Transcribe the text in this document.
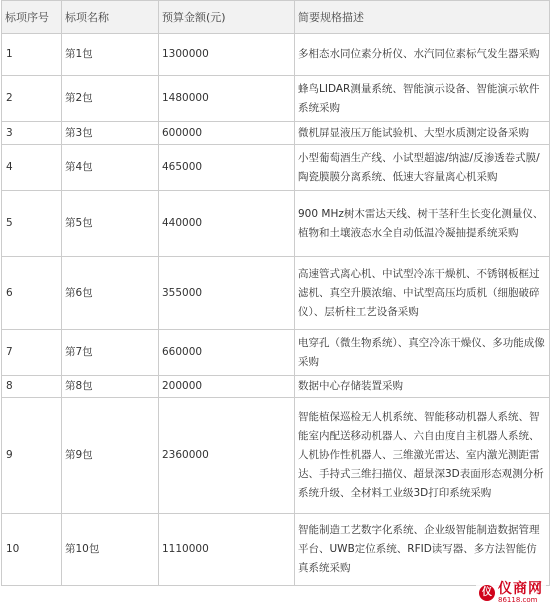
标项序号	标项名称	预算金额(元)	简要规格描述
1	第1包	1300000	多相态水同位素分析仪、水汽同位素标气发生器采购
2	第2包	1480000	蜂鸟LIDAR测量系统、智能演示设备、智能演示软件系统采购
3	第3包	600000	微机屏显液压万能试验机、大型水质测定设备采购
4	第4包	465000	小型葡萄酒生产线、小试型超滤/纳滤/反渗透卷式膜/陶瓷膜膜分离系统、低速大容量离心机采购
5	第5包	440000	900 MHz树木雷达天线、树干茎秆生长变化测量仪、植物和土壤液态水全自动低温冷凝抽提系统采购
6	第6包	355000	高速管式离心机、中试型冷冻干燥机、不锈钢板框过滤机、真空升膜浓缩、中试型高压均质机（细胞破碎仪）、层析柱工艺设备采购
7	第7包	660000	电穿孔（微生物系统）、真空冷冻干燥仪、多功能成像采购
8	第8包	200000	数据中心存储装置采购
9	第9包	2360000	智能植保巡检无人机系统、智能移动机器人系统、智能室内配送移动机器人、六自由度自主机器人系统、人机协作性机器人、三维激光雷达、室内激光测距雷达、手持式三维扫描仪、超景深3D表面形态观测分析系统升级、全材料工业级3D打印系统采购
10	第10包	1110000	智能制造工艺数字化系统、企业级智能制造数据管理平台、UWB定位系统、RFID读写器、多方法智能仿真系统采购
仪 仪商网
86118.com
